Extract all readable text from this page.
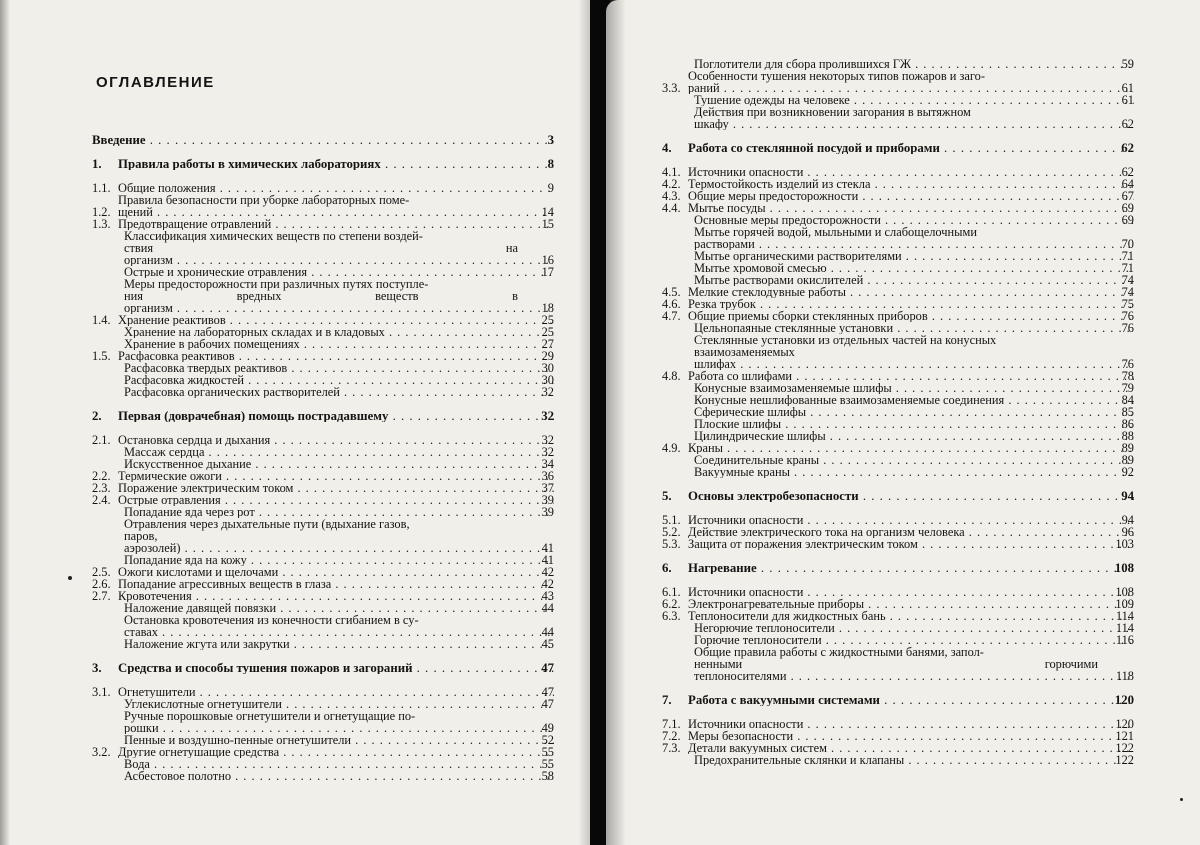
ОГЛАВЛЕНИЕ
Введение . . .	3
1.	Правила работы в химических лабораториях . . .	8
1.1. Общие положения . . .	9
1.2.
Правила безопасности при уборке лабораторных поме-
щений . . .	14
1.3. Предотвращение отравлений . . .	15
Классификация химических веществ по степени воздей-
ствия на организм . . .	16
Острые и хронические отравления . . .	17
Меры предосторожности при различных путях поступле-
ния вредных веществ в организм . . .	18
1.4. Хранение реактивов . . .	25
Хранение на лабораторных складах и в кладовых . . .	25
Хранение в рабочих помещениях . . .	27
1.5. Расфасовка реактивов . . .	29
Расфасовка твердых реактивов . . .	30
Расфасовка жидкостей . . .	30
Расфасовка органических растворителей . . .	32
2.	Первая (доврачебная) помощь пострадавшему . . .	32
2.1. Остановка сердца и дыхания . . .	32
Массаж сердца . . .	32
Искусственное дыхание . . .	34
2.2. Термические ожоги . . .	36
2.3. Поражение электрическим током . . .	37
2.4. Острые отравления . . .	39
Попадание яда через рот . . .	39
Отравления через дыхательные пути (вдыхание газов,
паров, аэрозолей) . . .	41
Попадание яда на кожу . . .	41
2.5. Ожоги кислотами и щелочами . . .	42
2.6. Попадание агрессивных веществ в глаза . . .	42
2.7. Кровотечения . . .	43
Наложение давящей повязки . . .	44
Остановка кровотечения из конечности сгибанием в су-
ставах . . .	44
Наложение жгута или закрутки . . .	45
3.	Средства и способы тушения пожаров и загораний . . .	47
3.1. Огнетушители . . .	47
Углекислотные огнетушители . . .	47
Ручные порошковые огнетушители и огнетущащие по-
рошки . . .	49
Пенные и воздушно-пенные огнетушители . . .	52
3.2. Другие огнетушащие средства . . .	55
Вода . . .	55
Асбестовое полотно . . .	58
Поглотители для сбора пролившихся ГЖ . . .	59
3.3.
Особенности тушения некоторых типов пожаров и заго-
раний . . .	61
Тушение одежды на человеке . . .	61
Действия при возникновении загорания в вытяжном
шкафу . . .	62
4.	Работа со стеклянной посудой и приборами . . .	62
4.1. Источники опасности . . .	62
4.2. Термостойкость изделий из стекла . . .	64
4.3. Общие меры предосторожности . . .	67
4.4. Мытье посуды . . .	69
Основные меры предосторожности . . .	69
Мытье горячей водой, мыльными и слабощелочными
растворами . . .	70
Мытье органическими растворителями . . .	71
Мытье хромовой смесью . . .	71
Мытье растворами окислителей . . .	74
4.5. Мелкие стеклодувные работы . . .	74
4.6. Резка трубок . . .	75
4.7. Общие приемы сборки стеклянных приборов . . .	76
Цельнопаяные стеклянные установки . . .	76
Стеклянные установки из отдельных частей на конусных
взаимозаменяемых шлифах . . .	76
4.8. Работа со шлифами . . .	78
Конусные взаимозаменяемые шлифы . . .	79
Конусные нешлифованные взаимозаменяемые соединения . . .	84
Сферические шлифы . . .	85
Плоские шлифы . . .	86
Цилиндрические шлифы . . .	88
4.9. Краны . . .	89
Соединительные краны . . .	89
Вакуумные краны . . .	92
5.	Основы электробезопасности . . .	94
5.1. Источники опасности . . .	94
5.2. Действие электрического тока на организм человека . . .	96
5.3. Защита от поражения электрическим током . . .	103
6.	Нагревание . . .	108
6.1. Источники опасности . . .	108
6.2. Электронагревательные приборы . . .	109
6.3. Теплоносители для жидкостных бань . . .	114
Негорючие теплоносители . . .	114
Горючие теплоносители . . .	116
Общие правила работы с жидкостными банями, запол-
ненными горючими теплоносителями . . .	118
7.	Работа с вакуумными системами . . .	120
7.1. Источники опасности . . .	120
7.2. Меры безопасности . . .	121
7.3. Детали вакуумных систем . . .	122
Предохранительные склянки и клапаны . . .	122
